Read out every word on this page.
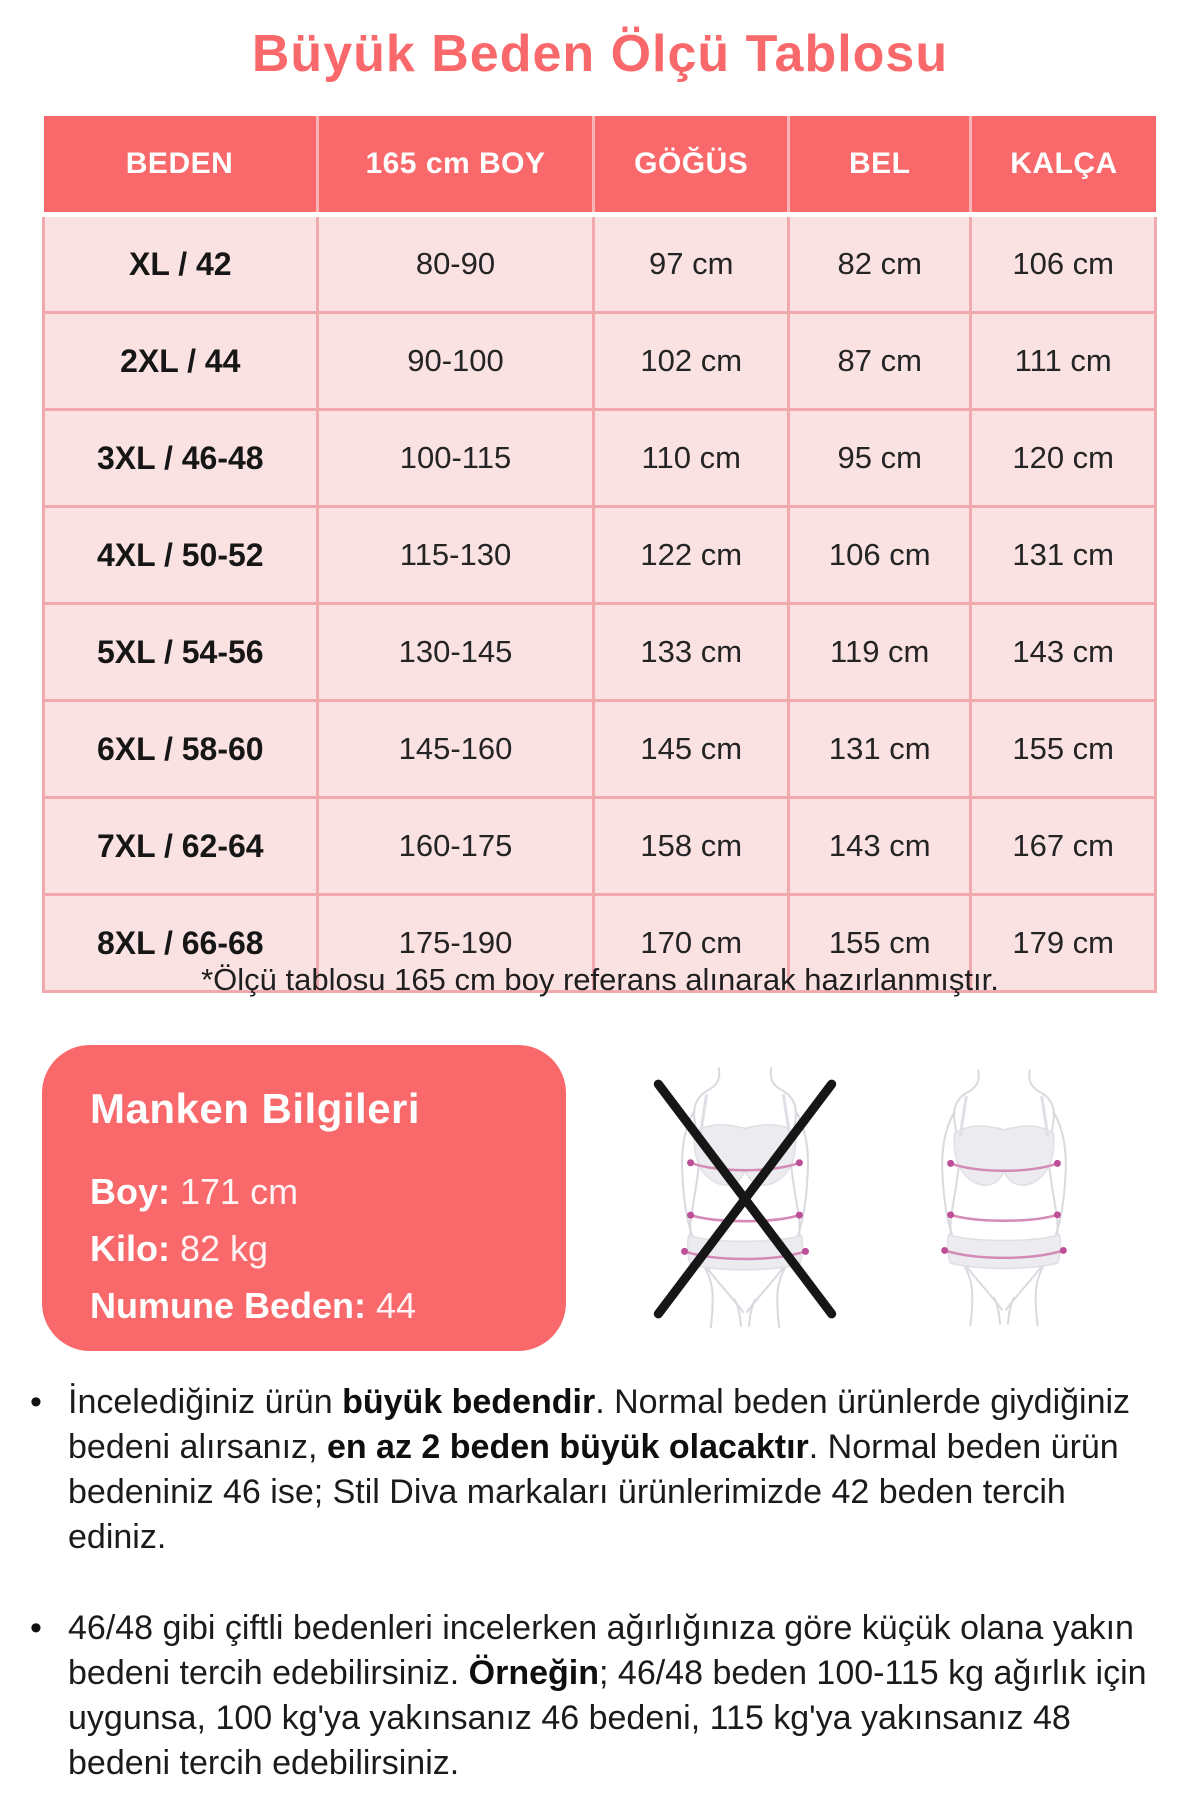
Büyük Beden Ölçü Tablosu
BEDEN	165 cm BOY	GÖĞÜS	BEL	KALÇA
XL / 42	80-90	97 cm	82 cm	106 cm
2XL / 44	90-100	102 cm	87 cm	111 cm
3XL / 46-48	100-115	110 cm	95 cm	120 cm
4XL / 50-52	115-130	122 cm	106 cm	131 cm
5XL / 54-56	130-145	133 cm	119 cm	143 cm
6XL / 58-60	145-160	145 cm	131 cm	155 cm
7XL / 62-64	160-175	158 cm	143 cm	167 cm
8XL / 66-68	175-190	170 cm	155 cm	179 cm
*Ölçü tablosu 165 cm boy referans alınarak hazırlanmıştır.
Manken Bilgileri
Boy: 171 cm
Kilo: 82 kg
Numune Beden: 44
• İncelediğiniz ürün büyük bedendir. Normal beden ürünlerde giydiğiniz bedeni alırsanız, en az 2 beden büyük olacaktır. Normal beden ürün bedeniniz 46 ise; Stil Diva markaları ürünlerimizde 42 beden tercih ediniz.

• 46/48 gibi çiftli bedenleri incelerken ağırlığınıza göre küçük olana yakın bedeni tercih edebilirsiniz. Örneğin; 46/48 beden 100-115 kg ağırlık için uygunsa, 100 kg'ya yakınsanız 46 bedeni, 115 kg'ya yakınsanız 48 bedeni tercih edebilirsiniz.
